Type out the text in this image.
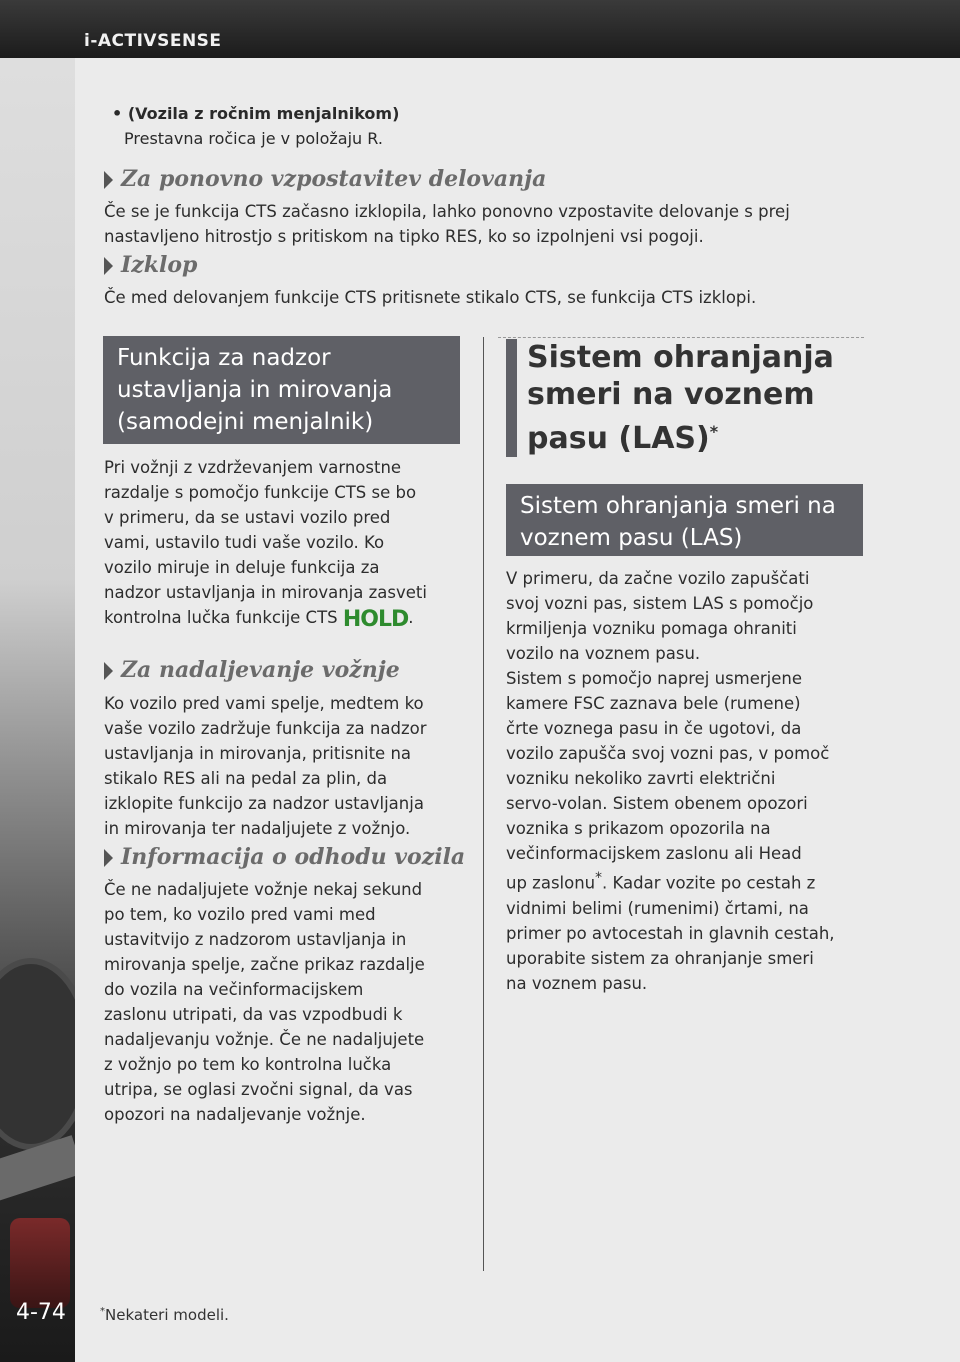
i-ACTIVSENSE
4-74
• (Vozila z ročnim menjalnikom)
Prestavna ročica je v položaju R.
Za ponovno vzpostavitev delovanja
Če se je funkcija CTS začasno izklopila, lahko ponovno vzpostavite delovanje s prej
nastavljeno hitrostjo s pritiskom na tipko RES, ko so izpolnjeni vsi pogoji.
Izklop
Če med delovanjem funkcije CTS pritisnete stikalo CTS, se funkcija CTS izklopi.
Funkcija za nadzor
ustavljanja in mirovanja
(samodejni menjalnik)
Pri vožnji z vzdrževanjem varnostne
razdalje s pomočjo funkcije CTS se bo
v primeru, da se ustavi vozilo pred
vami, ustavilo tudi vaše vozilo. Ko
vozilo miruje in deluje funkcija za
nadzor ustavljanja in mirovanja zasveti
kontrolna lučka funkcije CTS HOLD.
Za nadaljevanje vožnje
Ko vozilo pred vami spelje, medtem ko
vaše vozilo zadržuje funkcija za nadzor
ustavljanja in mirovanja, pritisnite na
stikalo RES ali na pedal za plin, da
izklopite funkcijo za nadzor ustavljanja
in mirovanja ter nadaljujete z vožnjo.
Informacija o odhodu vozila
Če ne nadaljujete vožnje nekaj sekund
po tem, ko vozilo pred vami med
ustavitvijo z nadzorom ustavljanja in
mirovanja spelje, začne prikaz razdalje
do vozila na večinformacijskem
zaslonu utripati, da vas vzpodbudi k
nadaljevanju vožnje. Če ne nadaljujete
z vožnjo po tem ko kontrolna lučka
utripa, se oglasi zvočni signal, da vas
opozori na nadaljevanje vožnje.
Sistem ohranjanja
smeri na voznem
pasu (LAS)*
Sistem ohranjanja smeri na
voznem pasu (LAS)
V primeru, da začne vozilo zapuščati
svoj vozni pas, sistem LAS s pomočjo
krmiljenja vozniku pomaga ohraniti
vozilo na voznem pasu.
Sistem s pomočjo naprej usmerjene
kamere FSC zaznava bele (rumene)
črte voznega pasu in če ugotovi, da
vozilo zapušča svoj vozni pas, v pomoč
vozniku nekoliko zavrti električni
servo-volan. Sistem obenem opozori
voznika s prikazom opozorila na
večinformacijskem zaslonu ali Head
up zaslonu*. Kadar vozite po cestah z
vidnimi belimi (rumenimi) črtami, na
primer po avtocestah in glavnih cestah,
uporabite sistem za ohranjanje smeri
na voznem pasu.
*Nekateri modeli.
